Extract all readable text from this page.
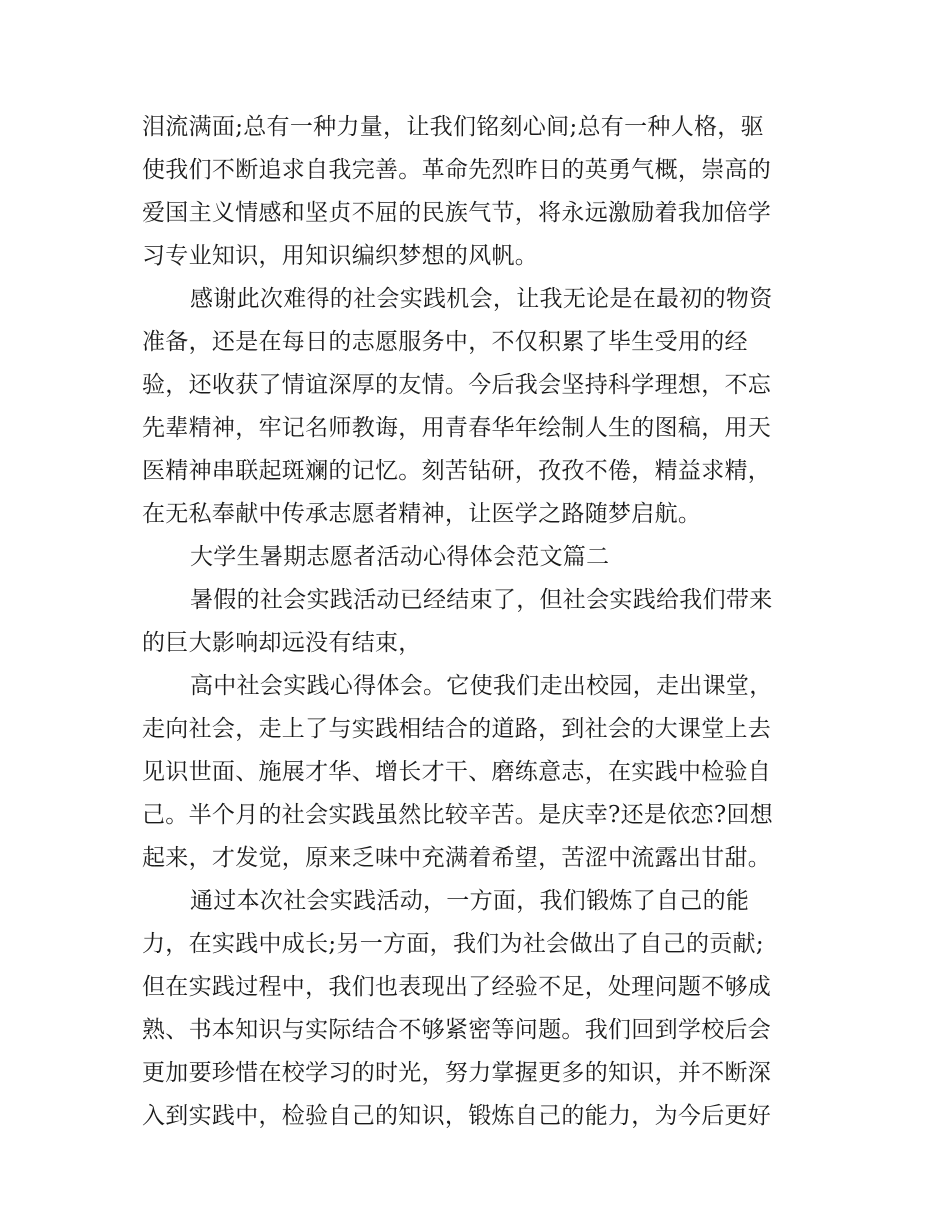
泪流满面;总有一种力量，让我们铭刻心间;总有一种人格，驱
使我们不断追求自我完善。革命先烈昨日的英勇气概，崇高的
爱国主义情感和坚贞不屈的民族气节，将永远激励着我加倍学
习专业知识，用知识编织梦想的风帆。
感谢此次难得的社会实践机会，让我无论是在最初的物资
准备，还是在每日的志愿服务中，不仅积累了毕生受用的经
验，还收获了情谊深厚的友情。今后我会坚持科学理想，不忘
先辈精神，牢记名师教诲，用青春华年绘制人生的图稿，用天
医精神串联起斑斓的记忆。刻苦钻研，孜孜不倦，精益求精，
在无私奉献中传承志愿者精神，让医学之路随梦启航。
大学生暑期志愿者活动心得体会范文篇二
暑假的社会实践活动已经结束了，但社会实践给我们带来
的巨大影响却远没有结束，
高中社会实践心得体会。它使我们走出校园，走出课堂，
走向社会，走上了与实践相结合的道路，到社会的大课堂上去
见识世面、施展才华、增长才干、磨练意志，在实践中检验自
己。半个月的社会实践虽然比较辛苦。是庆幸?还是依恋?回想
起来，才发觉，原来乏味中充满着希望，苦涩中流露出甘甜。
通过本次社会实践活动，一方面，我们锻炼了自己的能
力，在实践中成长;另一方面，我们为社会做出了自己的贡献;
但在实践过程中，我们也表现出了经验不足，处理问题不够成
熟、书本知识与实际结合不够紧密等问题。我们回到学校后会
更加要珍惜在校学习的时光，努力掌握更多的知识，并不断深
入到实践中，检验自己的知识，锻炼自己的能力，为今后更好
